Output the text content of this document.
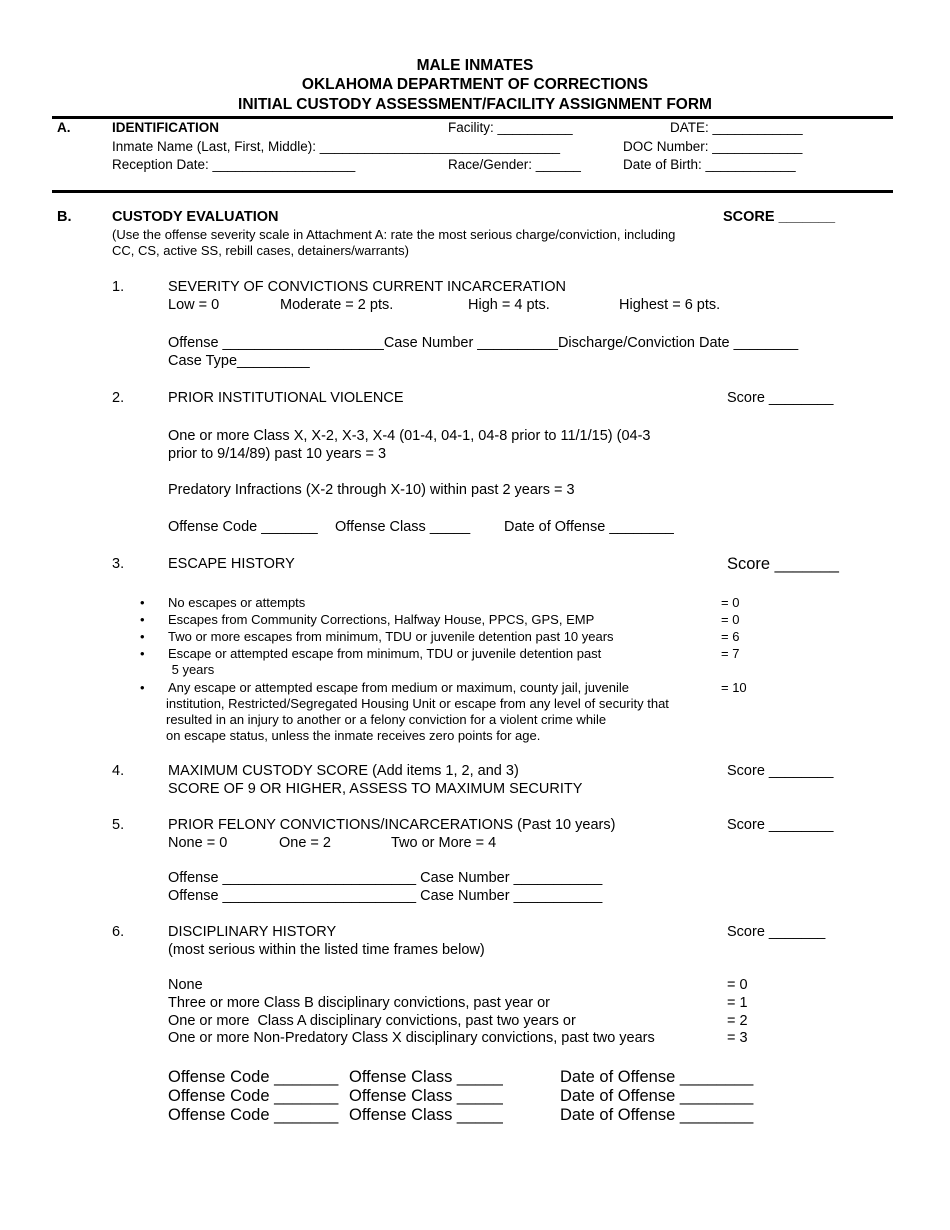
MALE INMATES
OKLAHOMA DEPARTMENT OF CORRECTIONS
INITIAL CUSTODY ASSESSMENT/FACILITY ASSIGNMENT FORM
A.	IDENTIFICATION	Facility: __________	DATE: ____________
Inmate Name (Last, First, Middle): ________________________________	DOC Number: ____________
Reception Date: ___________________	Race/Gender: ______	Date of Birth: ____________
B.	CUSTODY EVALUATION	SCORE _______
(Use the offense severity scale in Attachment A: rate the most serious charge/conviction, including
CC, CS, active SS, rebill cases, detainers/warrants)
1.	SEVERITY OF CONVICTIONS CURRENT INCARCERATION
Low = 0	Moderate = 2 pts.	High = 4 pts.	Highest = 6 pts.
Offense ____________________Case Number __________Discharge/Conviction Date ________
Case Type_________
2.	PRIOR INSTITUTIONAL VIOLENCE	Score ________
One or more Class X, X-2, X-3, X-4 (01-4, 04-1, 04-8 prior to 11/1/15) (04-3
prior to 9/14/89) past 10 years = 3
Predatory Infractions (X-2 through X-10) within past 2 years = 3
Offense Code _______ Offense Class _____ Date of Offense ________
3.	ESCAPE HISTORY	Score _______
• No escapes or attempts	= 0
• Escapes from Community Corrections, Halfway House, PPCS, GPS, EMP	= 0
• Two or more escapes from minimum, TDU or juvenile detention past 10 years	= 6
• Escape or attempted escape from minimum, TDU or juvenile detention past
5 years
= 7
• Any escape or attempted escape from medium or maximum, county jail, juvenile
institution, Restricted/Segregated Housing Unit or escape from any level of security that
resulted in an injury to another or a felony conviction for a violent crime while
on escape status, unless the inmate receives zero points for age.
= 10
4.	MAXIMUM CUSTODY SCORE (Add items 1, 2, and 3)	Score ________
SCORE OF 9 OR HIGHER, ASSESS TO MAXIMUM SECURITY
5.	PRIOR FELONY CONVICTIONS/INCARCERATIONS (Past 10 years)	Score ________
None = 0	One = 2	Two or More = 4
Offense ________________________ Case Number ___________
Offense ________________________ Case Number ___________
6.	DISCIPLINARY HISTORY	Score _______
(most serious within the listed time frames below)
None	= 0
Three or more Class B disciplinary convictions, past year or	= 1
One or more  Class A disciplinary convictions, past two years or	= 2
One or more Non-Predatory Class X disciplinary convictions, past two years	= 3
Offense Code _______ Offense Class _____	Date of Offense ________
Offense Code _______ Offense Class _____	Date of Offense ________
Offense Code _______ Offense Class _____	Date of Offense ________
